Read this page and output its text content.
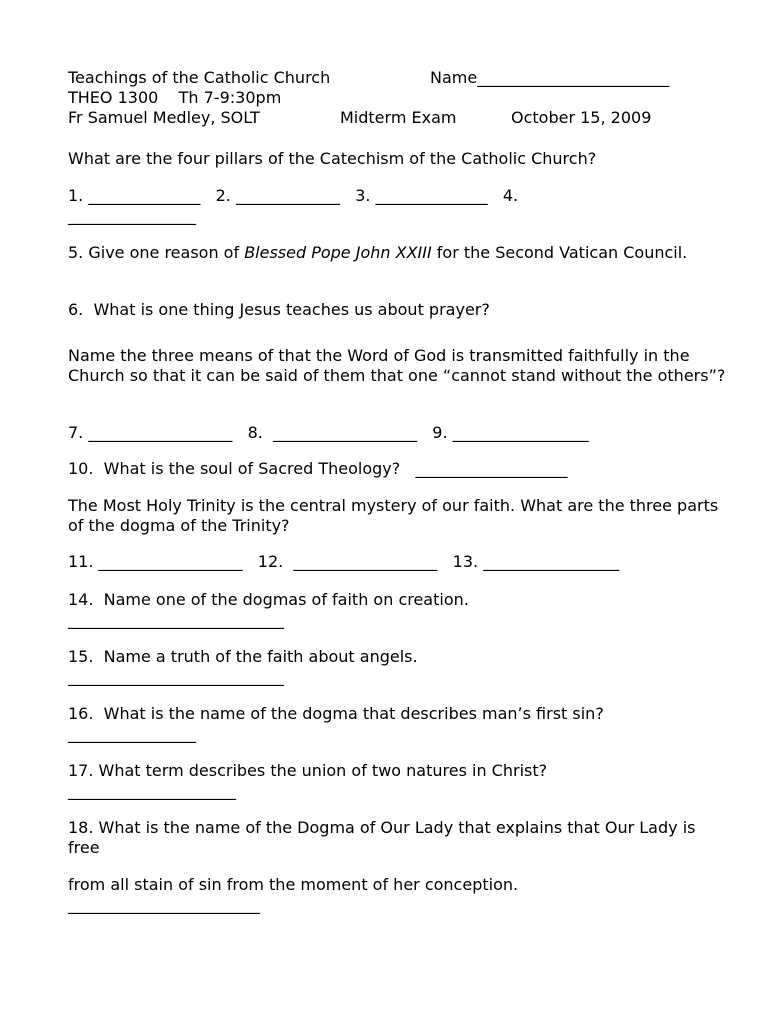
Teachings of the Catholic Church	Name________________________
THEO 1300    Th 7-9:30pm
Fr Samuel Medley, SOLT	Midterm Exam	October 15, 2009
What are the four pillars of the Catechism of the Catholic Church?
1. ______________   2. _____________   3. ______________   4.
________________

5. Give one reason of Blessed Pope John XXIII for the Second Vatican Council.

6.  What is one thing Jesus teaches us about prayer?

Name the three means of that the Word of God is transmitted faithfully in the Church so that it can be said of them that one “cannot stand without the others”?

7. __________________   8.  __________________   9. _________________
10.  What is the soul of Sacred Theology?   ___________________

The Most Holy Trinity is the central mystery of our faith. What are the three parts of the dogma of the Trinity?

11. __________________   12.  __________________   13. _________________
14.  Name one of the dogmas of faith on creation.
___________________________
15.  Name a truth of the faith about angels.
___________________________
16.  What is the name of the dogma that describes man’s first sin?
________________
17. What term describes the union of two natures in Christ?
_____________________

18. What is the name of the Dogma of Our Lady that explains that Our Lady is free

from all stain of sin from the moment of her conception.
________________________
